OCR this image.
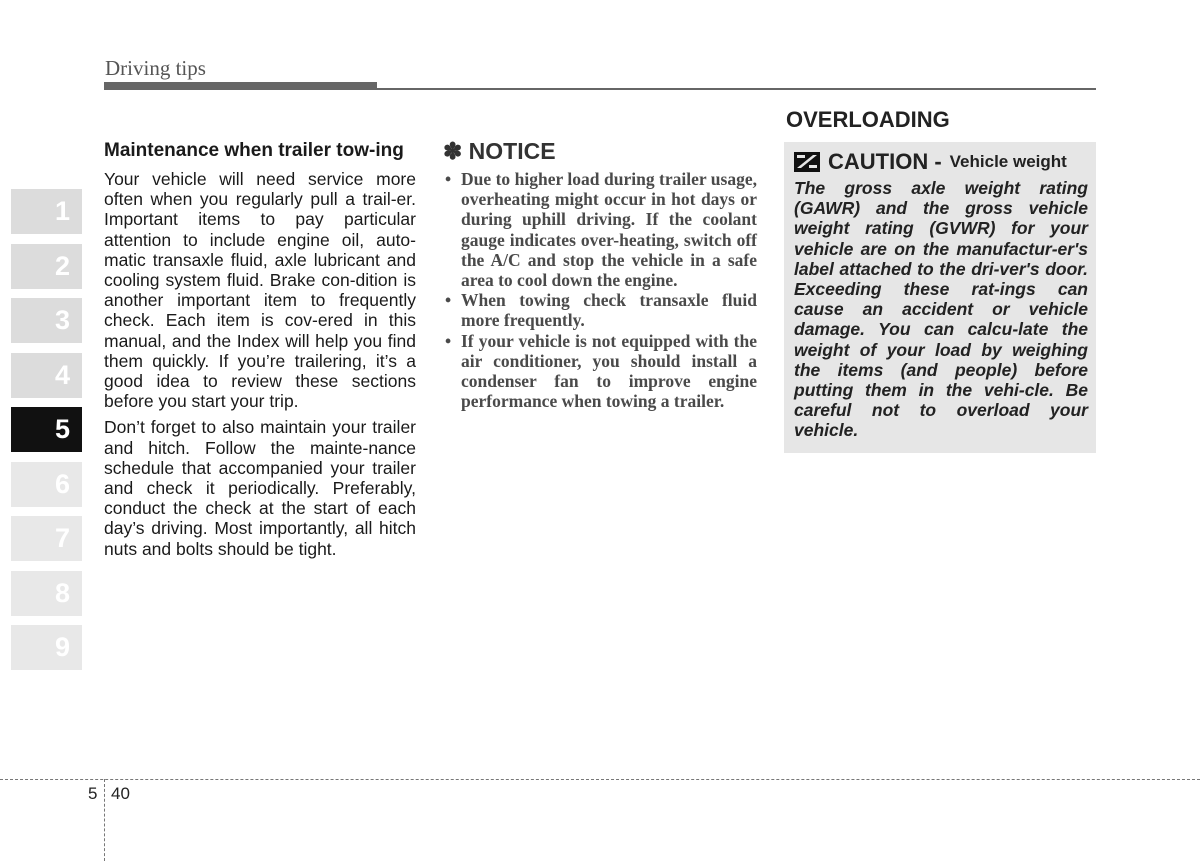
Driving tips
1
2
3
4
5
6
7
8
9
Maintenance when trailer tow-ing

Your vehicle will need service more often when you regularly pull a trail-er. Important items to pay particular attention to include engine oil, auto-matic transaxle fluid, axle lubricant and cooling system fluid. Brake con-dition is another important item to frequently check. Each item is cov-ered in this manual, and the Index will help you find them quickly. If you’re trailering, it’s a good idea to review these sections before you start your trip.

Don’t forget to also maintain your trailer and hitch. Follow the mainte-nance schedule that accompanied your trailer and check it periodically. Preferably, conduct the check at the start of each day’s driving. Most importantly, all hitch nuts and bolts should be tight.

✽ NOTICE
• Due to higher load during trailer usage, overheating might occur in hot days or during uphill driving. If the coolant gauge indicates over-heating, switch off the A/C and stop the vehicle in a safe area to cool down the engine.
• When towing check transaxle fluid more frequently.
• If your vehicle is not equipped with the air conditioner, you should install a condenser fan to improve engine performance when towing a trailer.
OVERLOADING
CAUTION - Vehicle weight
The gross axle weight rating (GAWR) and the gross vehicle weight rating (GVWR) for your vehicle are on the manufactur-er's label attached to the dri-ver's door. Exceeding these rat-ings can cause an accident or vehicle damage. You can calcu-late the weight of your load by weighing the items (and people) before putting them in the vehi-cle. Be careful not to overload your vehicle.
5 40
